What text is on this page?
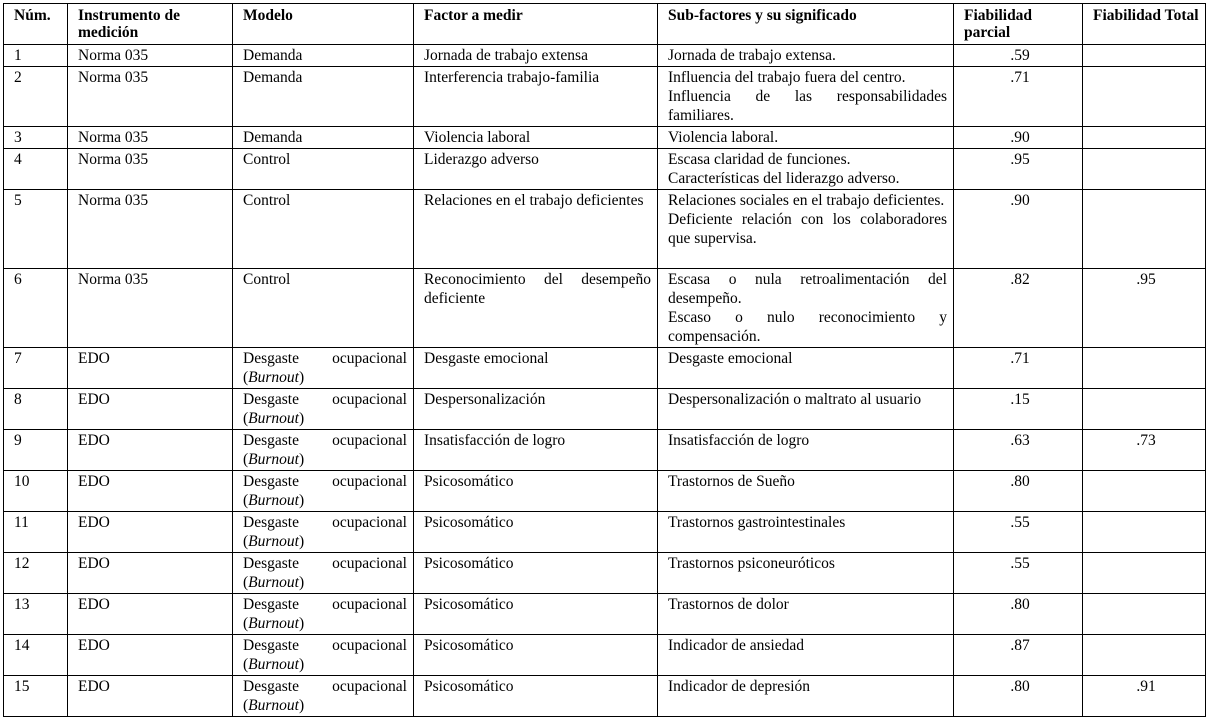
Núm.	Instrumento de medición	Modelo	Factor a medir	Sub-factores y su significado	Fiabilidad parcial	Fiabilidad Total
1	Norma 035	Demanda	Jornada de trabajo extensa	Jornada de trabajo extensa.	.59	
2	Norma 035	Demanda	Interferencia trabajo-familia	Influencia del trabajo fuera del centro.
Influencia de las responsabilidades familiares.	.71	
3	Norma 035	Demanda	Violencia laboral	Violencia laboral.	.90	
4	Norma 035	Control	Liderazgo adverso	Escasa claridad de funciones.
Características del liderazgo adverso.	.95	
5	Norma 035	Control	Relaciones en el trabajo deficientes	Relaciones sociales en el trabajo deficientes.
Deficiente relación con los colaboradores que supervisa.	.90	
6	Norma 035	Control	Reconocimiento del desempeño deficiente	Escasa o nula retroalimentación del desempeño.
Escaso o nulo reconocimiento y compensación.	.82	.95
7	EDO	Desgaste ocupacional (Burnout)	Desgaste emocional	Desgaste emocional	.71	
8	EDO	Desgaste ocupacional (Burnout)	Despersonalización	Despersonalización o maltrato al usuario	.15	
9	EDO	Desgaste ocupacional (Burnout)	Insatisfacción de logro	Insatisfacción de logro	.63	.73
10	EDO	Desgaste ocupacional (Burnout)	Psicosomático	Trastornos de Sueño	.80	
11	EDO	Desgaste ocupacional (Burnout)	Psicosomático	Trastornos gastrointestinales	.55	
12	EDO	Desgaste ocupacional (Burnout)	Psicosomático	Trastornos psiconeuróticos	.55	
13	EDO	Desgaste ocupacional (Burnout)	Psicosomático	Trastornos de dolor	.80	
14	EDO	Desgaste ocupacional (Burnout)	Psicosomático	Indicador de ansiedad	.87	
15	EDO	Desgaste ocupacional (Burnout)	Psicosomático	Indicador de depresión	.80	.91
